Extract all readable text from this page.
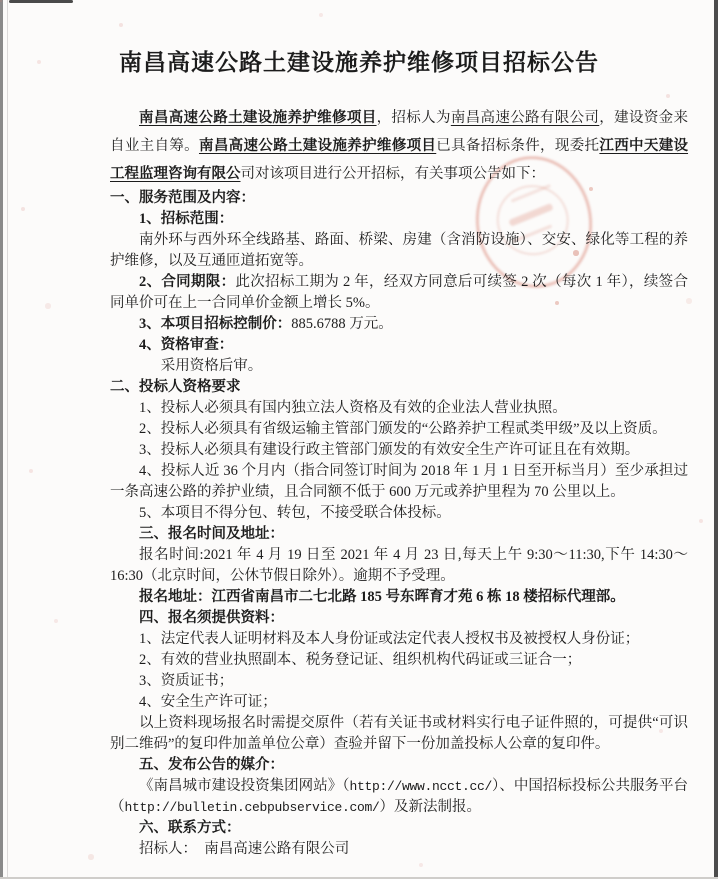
南昌高速公路土建设施养护维修项目招标公告

南昌高速公路土建设施养护维修项目，招标人为南昌高速公路有限公司，建设资金来自业主自筹。南昌高速公路土建设施养护维修项目已具备招标条件，现委托江西中天建设工程监理咨询有限公司对该项目进行公开招标，有关事项公告如下：

一、服务范围及内容：

1、招标范围：

南外环与西外环全线路基、路面、桥梁、房建（含消防设施）、交安、绿化等工程的养护维修，以及互通匝道拓宽等。

2、合同期限：此次招标工期为 2 年，经双方同意后可续签 2 次（每次 1 年），续签合同单价可在上一合同单价金额上增长 5%。

3、本项目招标控制价：885.6788 万元。

4、资格审查：

采用资格后审。

二、投标人资格要求

1、投标人必须具有国内独立法人资格及有效的企业法人营业执照。

2、投标人必须具有省级运输主管部门颁发的“公路养护工程贰类甲级”及以上资质。

3、投标人必须具有建设行政主管部门颁发的有效安全生产许可证且在有效期。

4、投标人近 36 个月内（指合同签订时间为 2018 年 1 月 1 日至开标当月）至少承担过一条高速公路的养护业绩，且合同额不低于 600 万元或养护里程为 70 公里以上。

5、本项目不得分包、转包，不接受联合体投标。

三、报名时间及地址：

报名时间:2021 年 4 月 19 日至 2021 年 4 月 23 日,每天上午 9:30～11:30,下午 14:30～16:30（北京时间，公休节假日除外）。逾期不予受理。

报名地址：江西省南昌市二七北路 185 号东晖育才苑 6 栋 18 楼招标代理部。

四、报名须提供资料：

1、法定代表人证明材料及本人身份证或法定代表人授权书及被授权人身份证；

2、有效的营业执照副本、税务登记证、组织机构代码证或三证合一；

3、资质证书；

4、安全生产许可证；

以上资料现场报名时需提交原件（若有关证书或材料实行电子证件照的，可提供“可识别二维码”的复印件加盖单位公章）查验并留下一份加盖投标人公章的复印件。

五、发布公告的媒介：

《南昌城市建设投资集团网站》（http://www.ncct.cc/）、中国招标投标公共服务平台（http://bulletin.cebpubservice.com/）及新法制报。

六、联系方式：

招标人：　南昌高速公路有限公司
